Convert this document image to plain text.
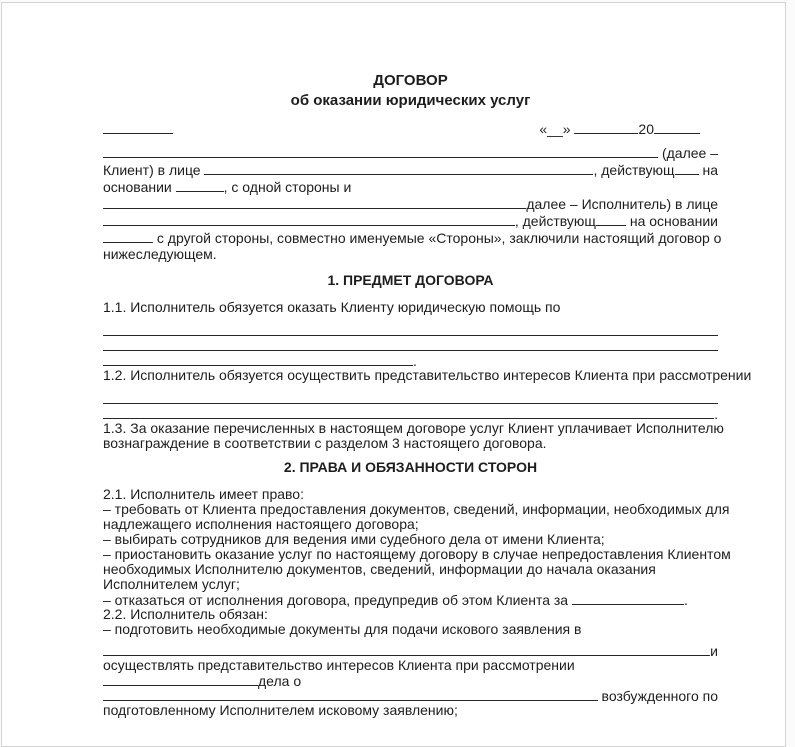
ДОГОВОР
об оказании юридических услуг
«__»	20
(далее –
Клиент) в лице	, действующ на
основании	, с одной стороны и
далее – Исполнитель) в лице
, действующ на основании
с другой стороны, совместно именуемые «Стороны», заключили настоящий договор о
нижеследующем.
1. ПРЕДМЕТ ДОГОВОРА
1.1. Исполнитель обязуется оказать Клиенту юридическую помощь по
.
1.2. Исполнитель обязуется осуществить представительство интересов Клиента при рассмотрении
.
1.3. За оказание перечисленных в настоящем договоре услуг Клиент уплачивает Исполнителю
вознаграждение в соответствии с разделом 3 настоящего договора.
2. ПРАВА И ОБЯЗАННОСТИ СТОРОН
2.1. Исполнитель имеет право:
– требовать от Клиента предоставления документов, сведений, информации, необходимых для
надлежащего исполнения настоящего договора;
– выбирать сотрудников для ведения ими судебного дела от имени Клиента;
– приостановить оказание услуг по настоящему договору в случае непредоставления Клиентом
необходимых Исполнителю документов, сведений, информации до начала оказания
Исполнителем услуг;
– отказаться от исполнения договора, предупредив об этом Клиента за	.
2.2. Исполнитель обязан:
– подготовить необходимые документы для подачи искового заявления в
и
осуществлять представительство интересов Клиента при рассмотрении
дела о
возбужденного по
подготовленному Исполнителем исковому заявлению;
